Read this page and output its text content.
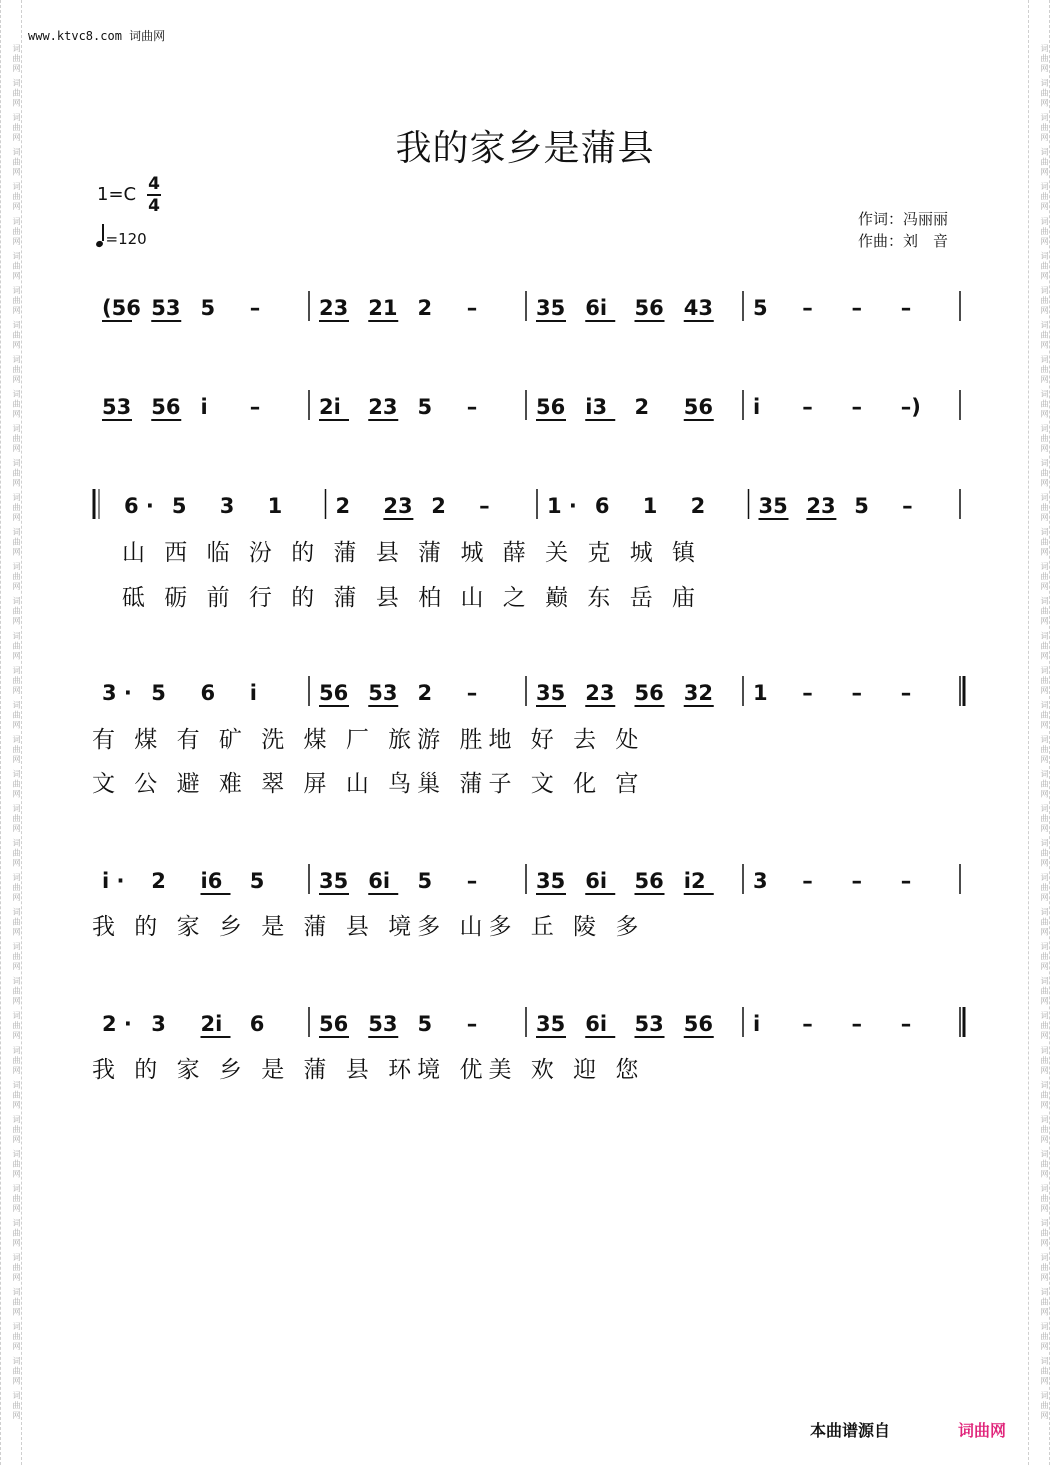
词曲网 词曲网 词曲网 词曲网 词曲网 词曲网 词曲网 词曲网 词曲网 词曲网 词曲网 词曲网 词曲网 词曲网 词曲网 词曲网 词曲网 词曲网 词曲网 词曲网 词曲网 词曲网 词曲网 词曲网 词曲网 词曲网 词曲网 词曲网 词曲网 词曲网 词曲网 词曲网 词曲网 词曲网 词曲网 词曲网 词曲网 词曲网 词曲网 词曲网	词曲网 词曲网 词曲网 词曲网 词曲网 词曲网 词曲网 词曲网 词曲网 词曲网 词曲网 词曲网 词曲网 词曲网 词曲网 词曲网 词曲网 词曲网 词曲网 词曲网 词曲网 词曲网 词曲网 词曲网 词曲网 词曲网 词曲网 词曲网 词曲网 词曲网 词曲网 词曲网 词曲网 词曲网 词曲网 词曲网 词曲网 词曲网 词曲网 词曲网
www.ktvc8.com 词曲网
我的家乡是蒲县
1=C 4
4
=120
作词：冯丽丽
作曲：刘　音
(56 53 5 –	23 21 2 –	35 6i 56 43 5 – – –
53 56 i –	2i 23 5 –	56 i3 2 56 i – – –)
6 · 5 3 1	2 23 2 –	1 · 6 1 2	35 23 5 –
山 西 临 汾 的 蒲 县 蒲 城 薛 关 克 城 镇
砥 砺 前 行 的 蒲 县 柏 山 之 巅 东 岳 庙
3 · 5 6 i	56 53 2 –	35 23 56 32 1 – – –
有 煤 有 矿 洗 煤 厂 旅游 胜地 好 去 处
文 公 避 难 翠 屏 山 鸟巢 蒲子 文 化 宫
i · 2 i6 5	35 6i 5 –	35 6i 56 i2 3 – – –
我 的 家 乡 是 蒲 县 境多 山多 丘 陵 多
2 · 3 2i 6	56 53 5 –	35 6i 53 56 i – – –
我 的 家 乡 是 蒲 县 环境 优美 欢 迎 您
本曲谱源自	词曲网
